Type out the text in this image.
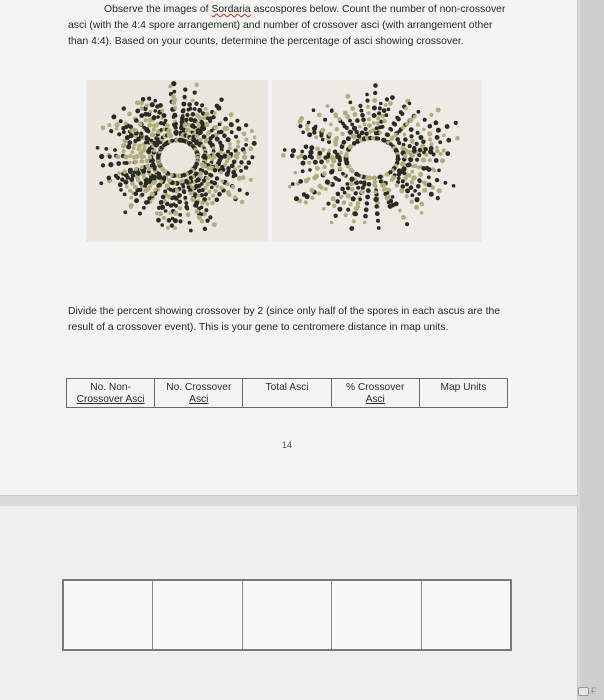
Observe the images of Sordaria ascospores below. Count the number of non-crossover asci (with the 4:4 spore arrangement) and number of crossover asci (with arrangement other than 4:4). Based on your counts, determine the percentage of asci showing crossover.

Divide the percent showing crossover by 2 (since only half of the spores in each ascus are the result of a crossover event). This is your gene to centromere distance in map units.

No. Non-
Crossover Asci
No. Crossover
Asci
Total Asci	% Crossover
Asci
Map Units
14
F
